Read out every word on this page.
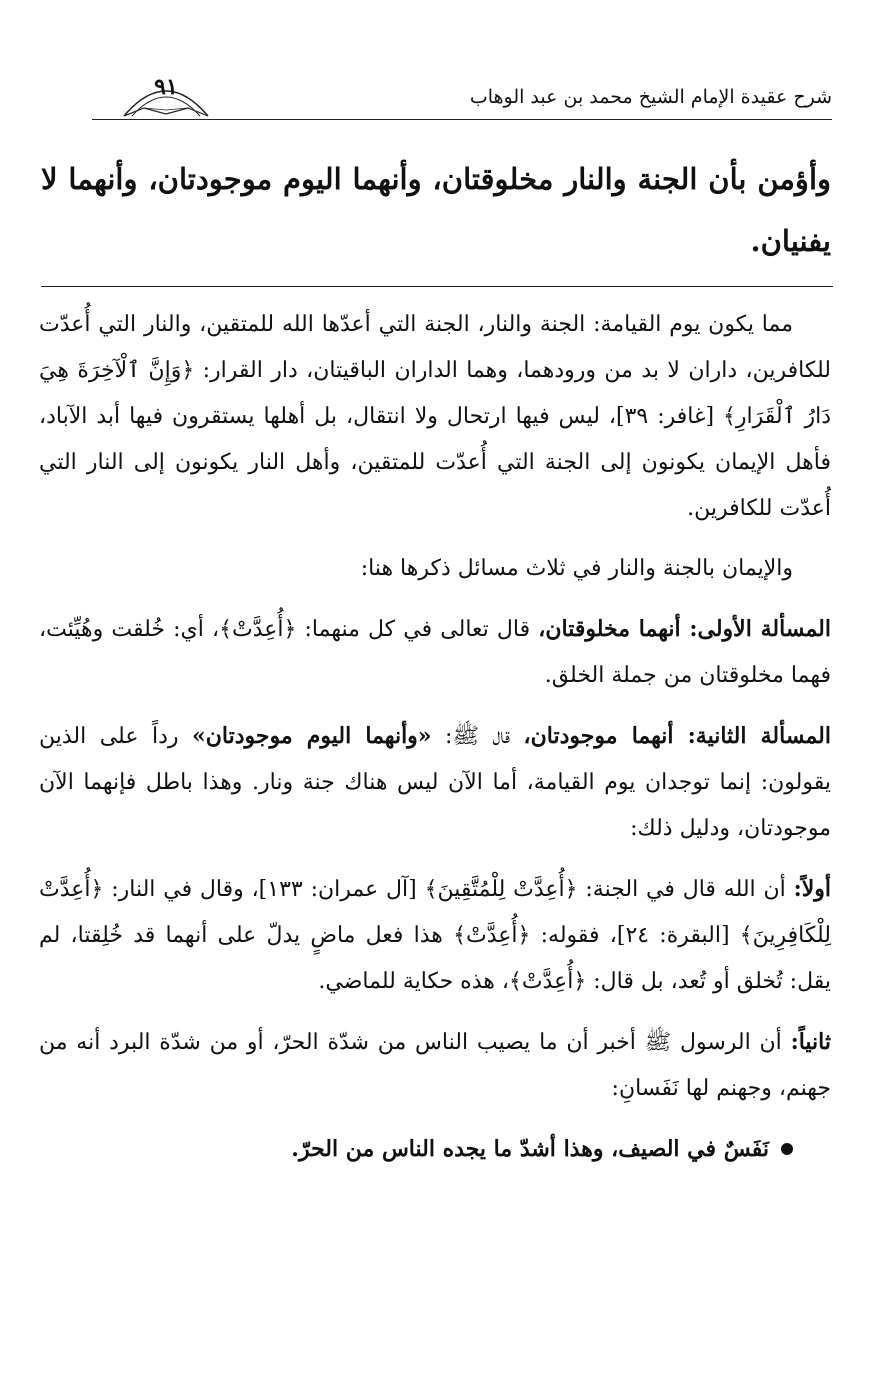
شرح عقيدة الإمام الشيخ محمد بن عبد الوهاب
٩١
وأؤمن بأن الجنة والنار مخلوقتان، وأنهما اليوم موجودتان، وأنهما لا يفنيان.

مما يكون يوم القيامة: الجنة والنار، الجنة التي أعدّها الله للمتقين، والنار التي أُعدّت للكافرين، داران لا بد من ورودهما، وهما الداران الباقيتان، دار القرار: ﴿وَإِنَّ ٱلْآخِرَةَ هِيَ دَارُ ٱلْقَرَارِ﴾ [غافر: ٣٩]، ليس فيها ارتحال ولا انتقال، بل أهلها يستقرون فيها أبد الآباد، فأهل الإيمان يكونون إلى الجنة التي أُعدّت للمتقين، وأهل النار يكونون إلى النار التي أُعدّت للكافرين.

والإيمان بالجنة والنار في ثلاث مسائل ذكرها هنا:

المسألة الأولى: أنهما مخلوقتان، قال تعالى في كل منهما: ﴿أُعِدَّتْ﴾، أي: خُلقت وهُيِّئت، فهما مخلوقتان من جملة الخلق.

المسألة الثانية: أنهما موجودتان، قال ﷺ: «وأنهما اليوم موجودتان» رداً على الذين يقولون: إنما توجدان يوم القيامة، أما الآن ليس هناك جنة ونار. وهذا باطل فإنهما الآن موجودتان، ودليل ذلك:

أولاً: أن الله قال في الجنة: ﴿أُعِدَّتْ لِلْمُتَّقِينَ﴾ [آل عمران: ١٣٣]، وقال في النار: ﴿أُعِدَّتْ لِلْكَافِرِينَ﴾ [البقرة: ٢٤]، فقوله: ﴿أُعِدَّتْ﴾ هذا فعل ماضٍ يدلّ على أنهما قد خُلِقتا، لم يقل: تُخلق أو تُعد، بل قال: ﴿أُعِدَّتْ﴾، هذه حكاية للماضي.

ثانياً: أن الرسول ﷺ أخبر أن ما يصيب الناس من شدّة الحرّ، أو من شدّة البرد أنه من جهنم، وجهنم لها نَفَسانِ:

نَفَسٌ في الصيف، وهذا أشدّ ما يجده الناس من الحرّ.
